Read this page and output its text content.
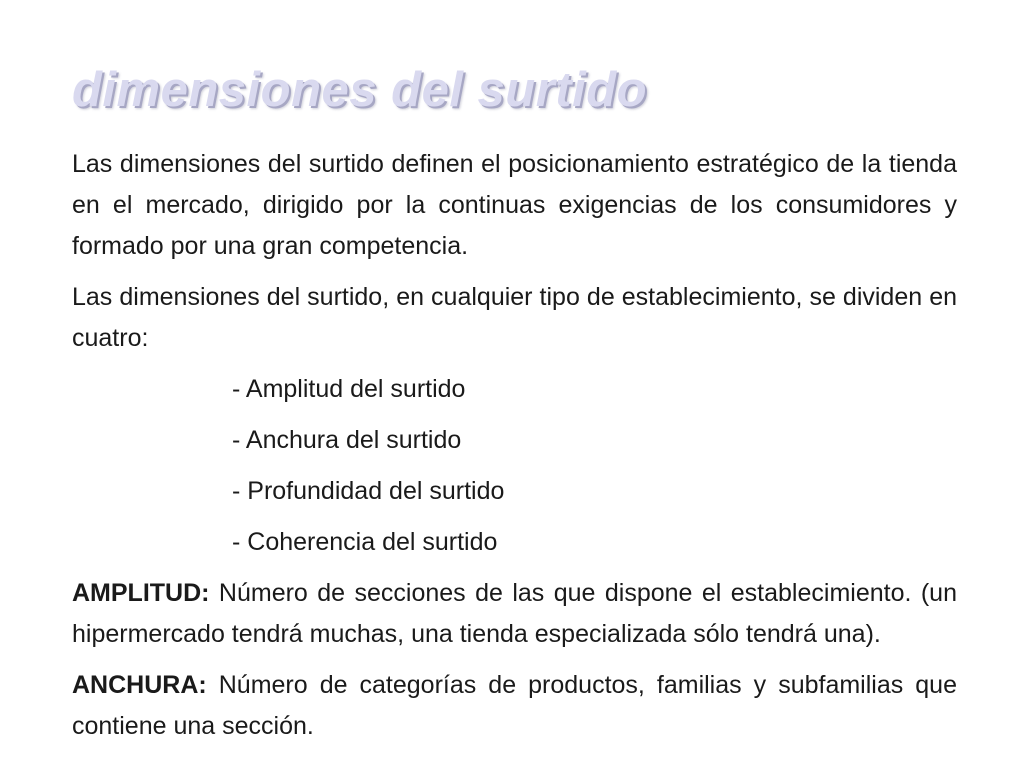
dimensiones del surtido

Las dimensiones del surtido definen el posicionamiento estratégico de la tienda en el mercado, dirigido por la continuas exigencias de los consumidores y formado por una gran competencia.

Las dimensiones del surtido, en cualquier tipo de establecimiento, se dividen en cuatro:

- Amplitud del surtido
- Anchura del surtido
- Profundidad del surtido
- Coherencia del surtido

AMPLITUD: Número de secciones de las que dispone el establecimiento. (un hipermercado tendrá muchas, una tienda especializada sólo tendrá una).

ANCHURA: Número de categorías de productos, familias y subfamilias que contiene una sección.
